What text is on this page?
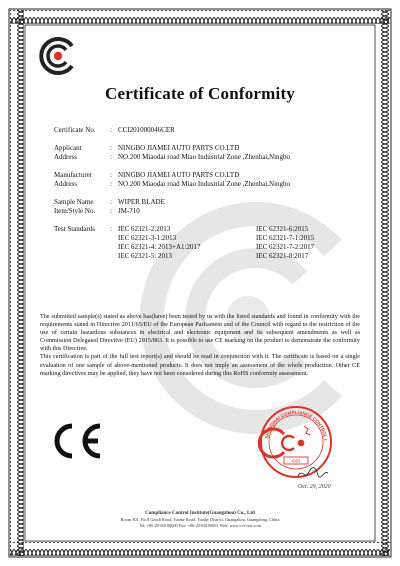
Certificate of Conformity
Certificate No. : CCI201000046CER
Applicant	: NINGBO JIAMEI AUTO PARTS CO.LTD
Address	: NO.200 Miaodai road Miao Industrial Zone ,Zhenhai,Ningbo
Manufacturer	: NINGBO JIAMEI AUTO PARTS CO.LTD
Address	: NO.200 Miaodai road Miao Industrial Zone ,Zhenhai,Ningbo
Sample Name : WIPER BLADE
Item/Style No. : JM-710
Test Standards : IEC 62321-2:2013
IEC 62321-3-1:2013
IEC 62321-4: 2013+A1:2017
IEC 62321-5: 2013
IEC 62321-6:2015
IEC 62321-7-1:2015
IEC 62321-7-2:2017
IEC 62321-8:2017

The submitted sample(s) stated as above has(have) been tested by us with the listed standards and found in conformity with the requirements stated in Directive 2011/65/EU of the European Parliament and of the Council with regard to the restriction of the use of certain hazardous substances in electrical and electronic equipment and its subsequent amendments as well as Commission Delegated Directive (EU) 2015/863. It is possible to use CE marking on the product to demonstrate the conformity with this Directive.

This certification is part of the full test report(s) and should be read in conjunction with it. The certificate is based on a single evaluation of one sample of above-mentioned products. It does not imply an assessment of the whole production. Other CE marking directives may be applied, they have not been considered during this RoHS conformity assessment.

SHANGHAI COMPLIANCE CONTROL I
CCI
Oct. 29, 2020
Compliance Control Institute(Guangzhou) Co., Ltd
Room 301, No.8 Gaodi Road, Tianhe Road, Tianhe District, Guangzhou, Guangdong, China
Tel: +86-20-84100000 Fax: +86-20-84100001 Web: www.cci-cert.com
